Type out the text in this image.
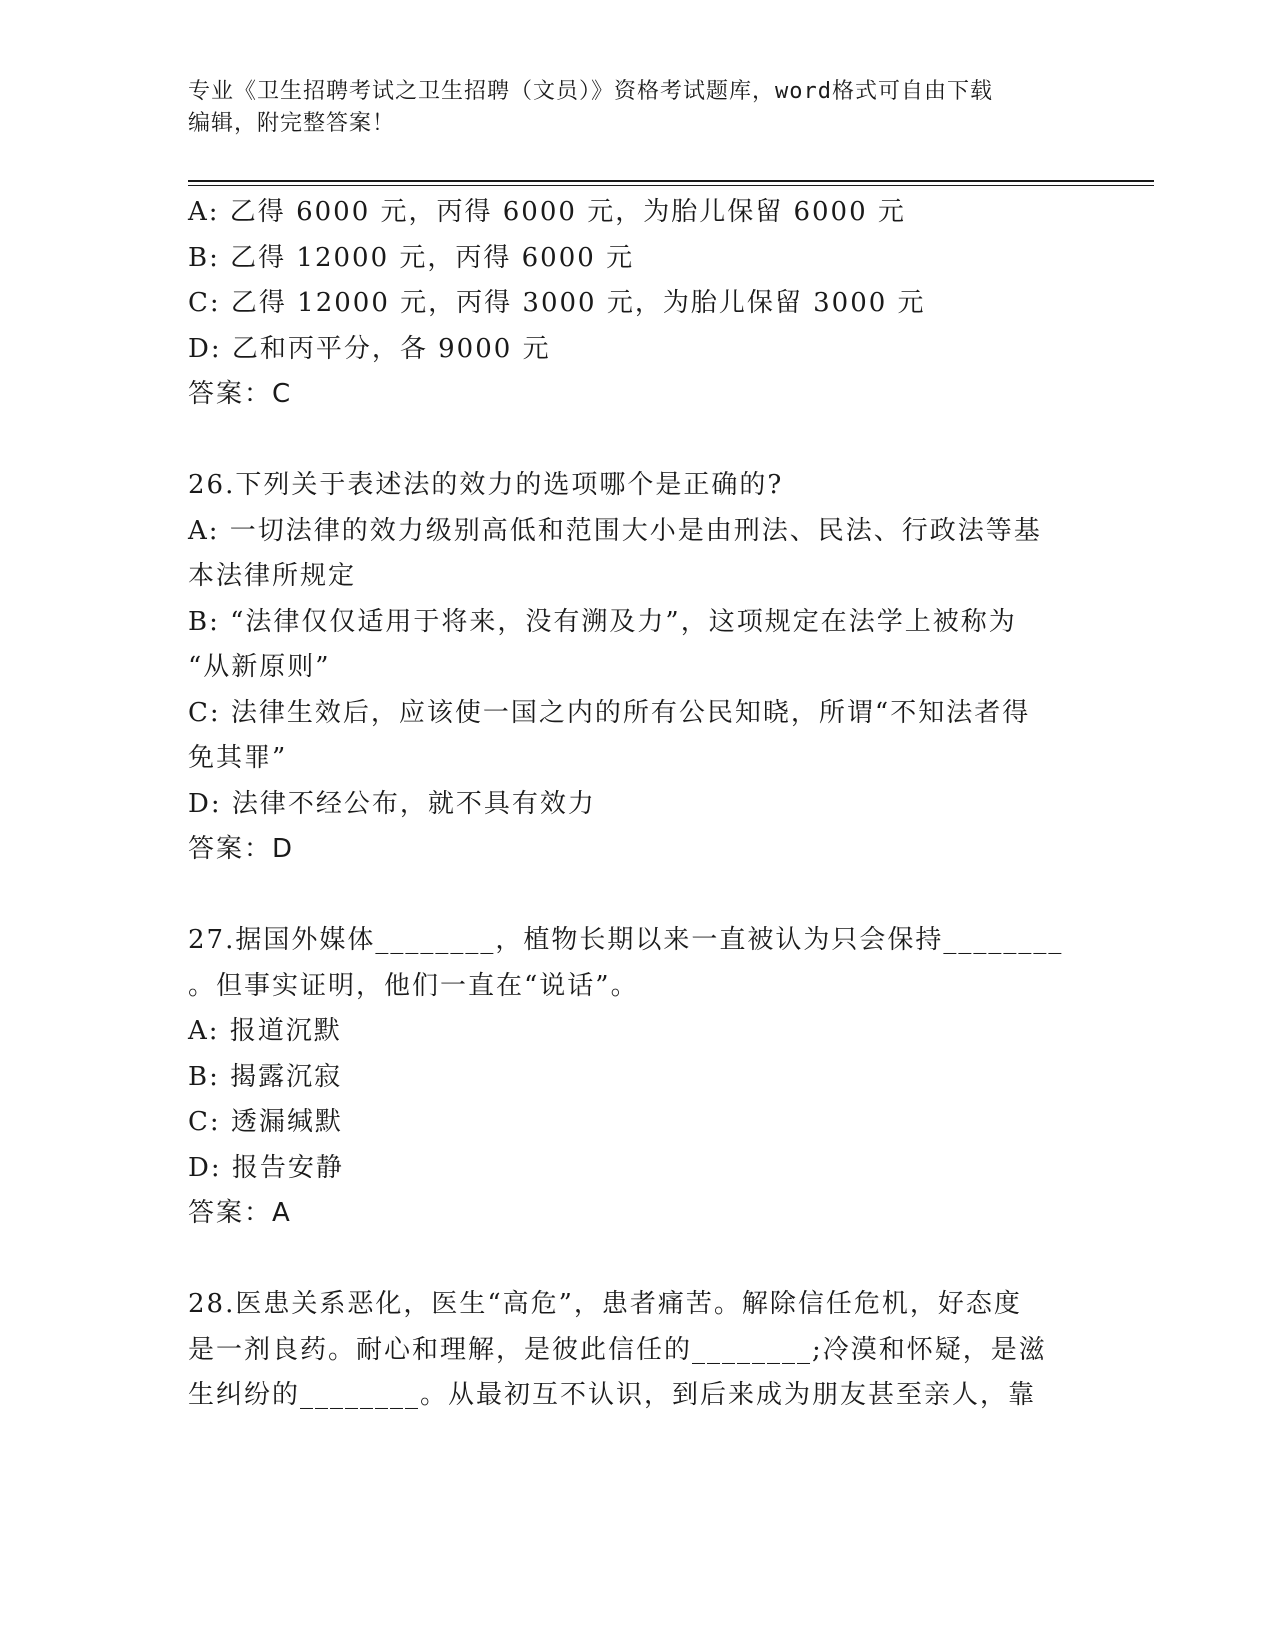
专业《卫生招聘考试之卫生招聘（文员）》资格考试题库，word格式可自由下载
编辑，附完整答案！
A: 乙得 6000 元，丙得 6000 元，为胎儿保留 6000 元
B: 乙得 12000 元，丙得 6000 元
C: 乙得 12000 元，丙得 3000 元，为胎儿保留 3000 元
D: 乙和丙平分，各 9000 元
答案：C
26.下列关于表述法的效力的选项哪个是正确的?
A: 一切法律的效力级别高低和范围大小是由刑法、民法、行政法等基
本法律所规定
B: “法律仅仅适用于将来，没有溯及力”，这项规定在法学上被称为
“从新原则”
C: 法律生效后，应该使一国之内的所有公民知晓，所谓“不知法者得
免其罪”
D: 法律不经公布，就不具有效力
答案：D
27.据国外媒体________，植物长期以来一直被认为只会保持________
。但事实证明，他们一直在“说话”。
A: 报道沉默
B: 揭露沉寂
C: 透漏缄默
D: 报告安静
答案：A
28.医患关系恶化，医生“高危”，患者痛苦。解除信任危机，好态度
是一剂良药。耐心和理解，是彼此信任的________;冷漠和怀疑，是滋
生纠纷的________。从最初互不认识，到后来成为朋友甚至亲人，靠
